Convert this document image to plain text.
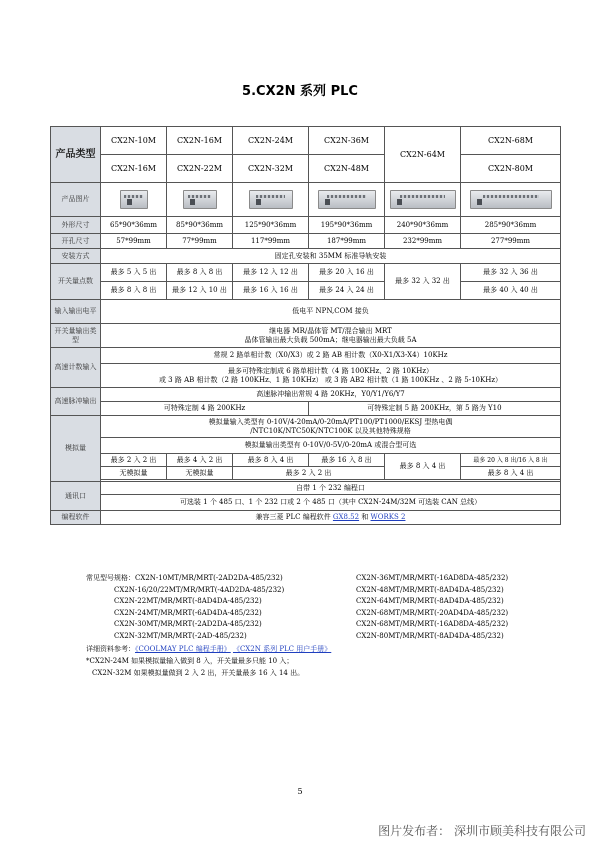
5.CX2N 系列 PLC
产品类型	CX2N-10M	CX2N-16M	CX2N-24M	CX2N-36M	CX2N-64M	CX2N-68M
	CX2N-16M	CX2N-22M	CX2N-32M	CX2N-48M		CX2N-80M
产品图片						
外形尺寸	65*90*36mm	85*90*36mm	125*90*36mm	195*90*36mm	240*90*36mm	285*90*36mm
开孔尺寸	57*99mm	77*99mm	117*99mm	187*99mm	232*99mm	277*99mm
安装方式	固定孔安装和 35MM 标准导轨安装					
开关量点数	最多 5 入 5 出	最多 8 入 8 出	最多 12 入 12 出	最多 20 入 16 出	最多 32 入 32 出	最多 32 入 36 出
	最多 8 入 8 出	最多 12 入 10 出	最多 16 入 16 出	最多 24 入 24 出		最多 40 入 40 出
输入输出电平	低电平 NPN,COM 接负					
开关量输出类型	继电器 MR/晶体管 MT/混合输出 MRT
晶体管输出最大负载 500mA；继电器输出最大负载 5A					

高速计数输入	常规 2 路单相计数（X0/X3）或 2 路 AB 相计数（X0-X1/X3-X4）10KHz					

	最多可特殊定制成 6 路单相计数（4 路 100KHz、2 路 10KHz）
或 3 路 AB 相计数（2 路 100KHz、1 路 10KHz） 或 3 路 AB2 相计数（1 路 100KHz 、2 路 5-10KHz）					

高速脉冲输出	高速脉冲输出常规 4 路 20KHz，Y0/Y1/Y6/Y7					
	可特殊定制 4 路 200KHz			可特殊定制 5 路 200KHz，第 5 路为 Y10		
模拟量	模拟量输入类型有 0-10V/4-20mA/0-20mA/PT100/PT1000/EKSJ 型热电偶
/NTC10K/NTC50K/NTC100K 以及其他特殊规格					

	模拟量输出类型有 0-10V/0-5V/0-20mA 或混合型可选					
	最多 2 入 2 出	最多 4 入 2 出	最多 8 入 4 出	最多 16 入 8 出	最多 8 入 4 出	最多 20 入 8 出/16 入 8 出
	无模拟量	无模拟量	最多 2 入 2 出			最多 8 入 4 出

通讯口	自带 1 个 232 编程口					
	可选装 1 个 485 口、1 个 232 口或 2 个 485 口（其中 CX2N-24M/32M 可选装 CAN 总线）					
编程软件	兼容三菱 PLC 编程软件 GX8.52 和 WORKS 2					
常见型号规格：CX2N-10MT/MR/MRT(-2AD2DA-485/232)
CX2N-16/20/22MT/MR/MRT(-4AD2DA-485/232)
CX2N-22MT/MR/MRT(-8AD4DA-485/232)
CX2N-24MT/MR/MRT(-6AD4DA-485/232)
CX2N-30MT/MR/MRT(-2AD2DA-485/232)
CX2N-32MT/MR/MRT(-2AD-485/232)
CX2N-36MT/MR/MRT(-16AD8DA-485/232)
CX2N-48MT/MR/MRT(-8AD4DA-485/232)
CX2N-64MT/MR/MRT(-8AD4DA-485/232)
CX2N-68MT/MR/MRT(-20AD4DA-485/232)
CX2N-68MT/MR/MRT(-16AD8DA-485/232)
CX2N-80MT/MR/MRT(-8AD4DA-485/232)
详细资料参考：《COOLMAY PLC 编程手册》 《CX2N 系列 PLC 用户手册》
*CX2N-24M 如果模拟量输入做到 8 入，开关量最多只能 10 入；
CX2N-32M 如果模拟量做到 2 入 2 出，开关量最多 16 入 14 出。
5
图片发布者： 深圳市顾美科技有限公司
